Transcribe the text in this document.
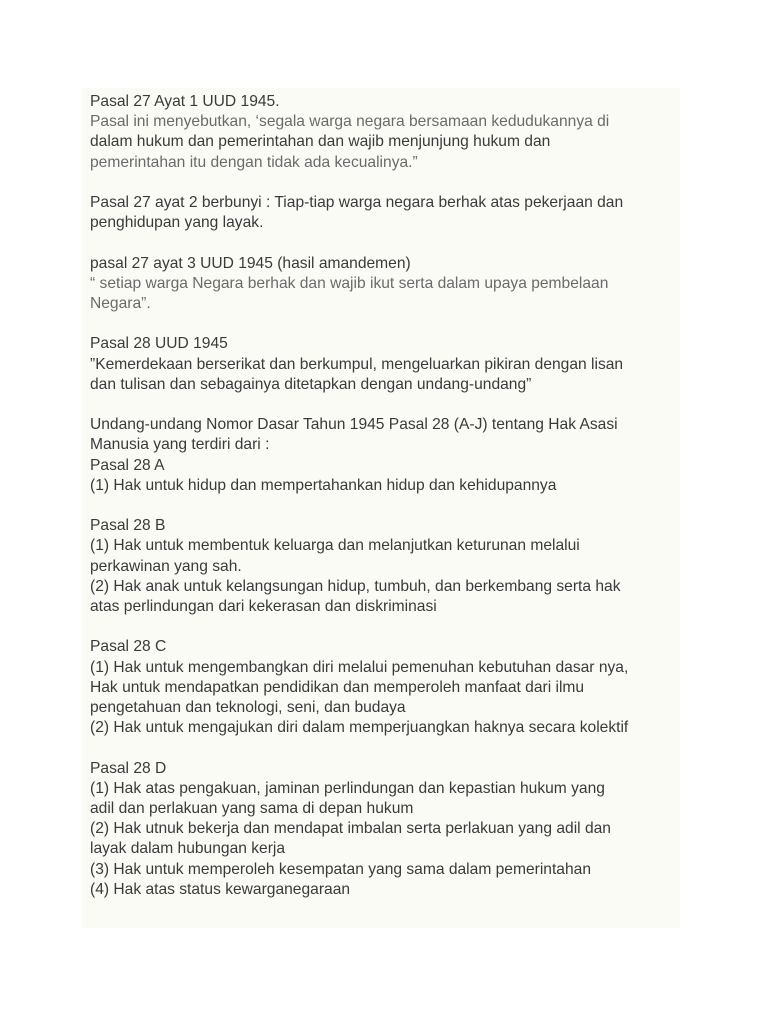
Pasal 27 Ayat 1 UUD 1945.
Pasal ini menyebutkan, ‘segala warga negara bersamaan kedudukannya di
dalam hukum dan pemerintahan dan wajib menjunjung hukum dan
pemerintahan itu dengan tidak ada kecualinya.”
Pasal 27 ayat 2 berbunyi : Tiap-tiap warga negara berhak atas pekerjaan dan
penghidupan yang layak.
pasal 27 ayat 3 UUD 1945 (hasil amandemen)
“ setiap warga Negara berhak dan wajib ikut serta dalam upaya pembelaan
Negara”.
Pasal 28 UUD 1945
”Kemerdekaan berserikat dan berkumpul, mengeluarkan pikiran dengan lisan
dan tulisan dan sebagainya ditetapkan dengan undang-undang”
Undang-undang Nomor Dasar Tahun 1945 Pasal 28 (A-J) tentang Hak Asasi
Manusia yang terdiri dari :
Pasal 28 A
(1) Hak untuk hidup dan mempertahankan hidup dan kehidupannya
Pasal 28 B
(1) Hak untuk membentuk keluarga dan melanjutkan keturunan melalui
perkawinan yang sah.
(2) Hak anak untuk kelangsungan hidup, tumbuh, dan berkembang serta hak
atas perlindungan dari kekerasan dan diskriminasi
Pasal 28 C
(1) Hak untuk mengembangkan diri melalui pemenuhan kebutuhan dasar nya,
Hak untuk mendapatkan pendidikan dan memperoleh manfaat dari ilmu
pengetahuan dan teknologi, seni, dan budaya
(2) Hak untuk mengajukan diri dalam memperjuangkan haknya secara kolektif
Pasal 28 D
(1) Hak atas pengakuan, jaminan perlindungan dan kepastian hukum yang
adil dan perlakuan yang sama di depan hukum
(2) Hak utnuk bekerja dan mendapat imbalan serta perlakuan yang adil dan
layak dalam hubungan kerja
(3) Hak untuk memperoleh kesempatan yang sama dalam pemerintahan
(4) Hak atas status kewarganegaraan
